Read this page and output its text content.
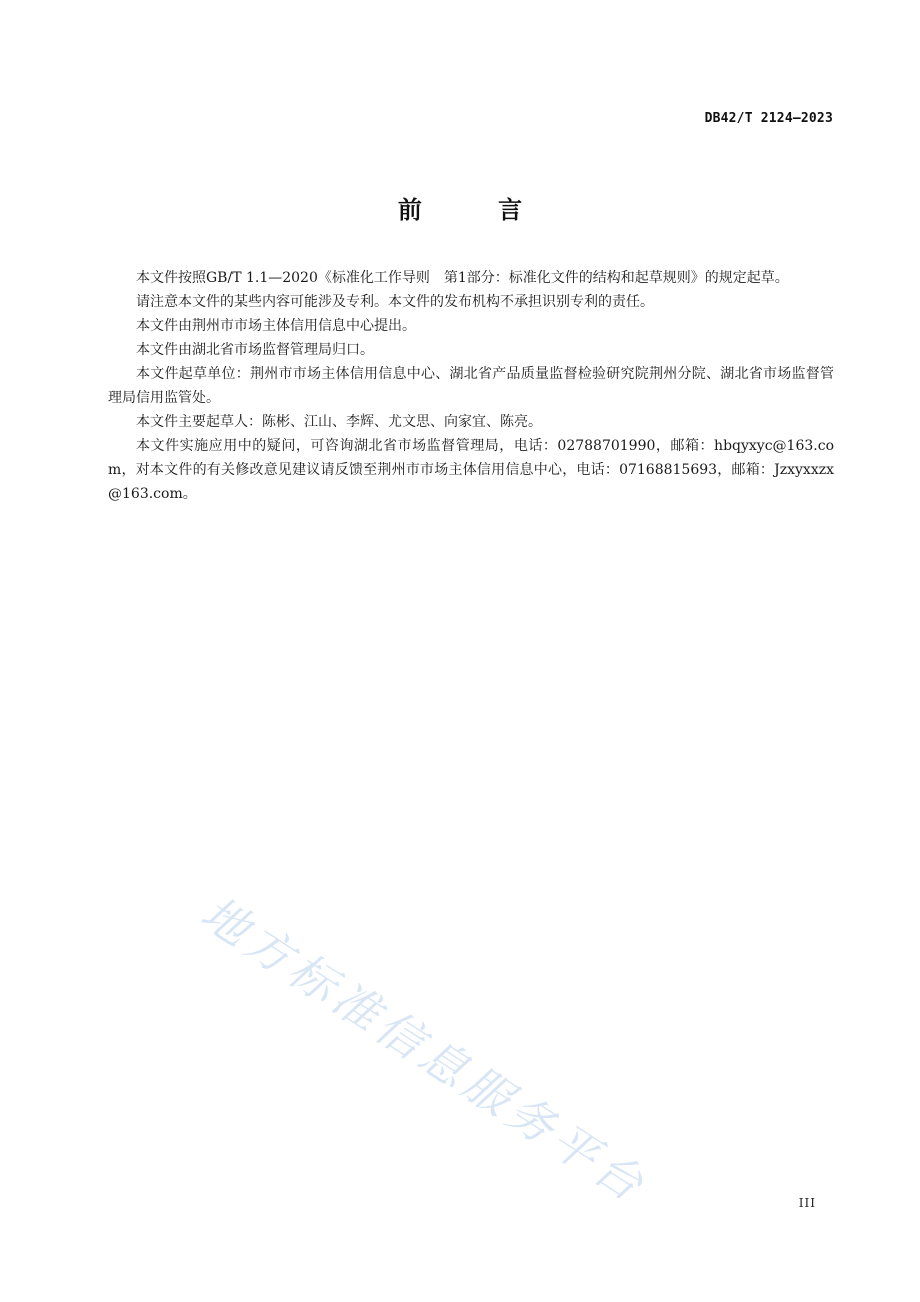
DB42/T 2124—2023
前 言

本文件按照GB/T 1.1—2020《标准化工作导则　第1部分：标准化文件的结构和起草规则》的规定起草。

请注意本文件的某些内容可能涉及专利。本文件的发布机构不承担识别专利的责任。

本文件由荆州市市场主体信用信息中心提出。

本文件由湖北省市场监督管理局归口。

本文件起草单位：荆州市市场主体信用信息中心、湖北省产品质量监督检验研究院荆州分院、湖北省市场监督管理局信用监管处。

本文件主要起草人：陈彬、江山、李辉、尤文思、向家宜、陈亮。

本文件实施应用中的疑问，可咨询湖北省市场监督管理局，电话：02788701990，邮箱：hbqyxyc@163.com，对本文件的有关修改意见建议请反馈至荆州市市场主体信用信息中心，电话：07168815693，邮箱：Jzxyxxzx@163.com。

地方标准信息服务平台	III
